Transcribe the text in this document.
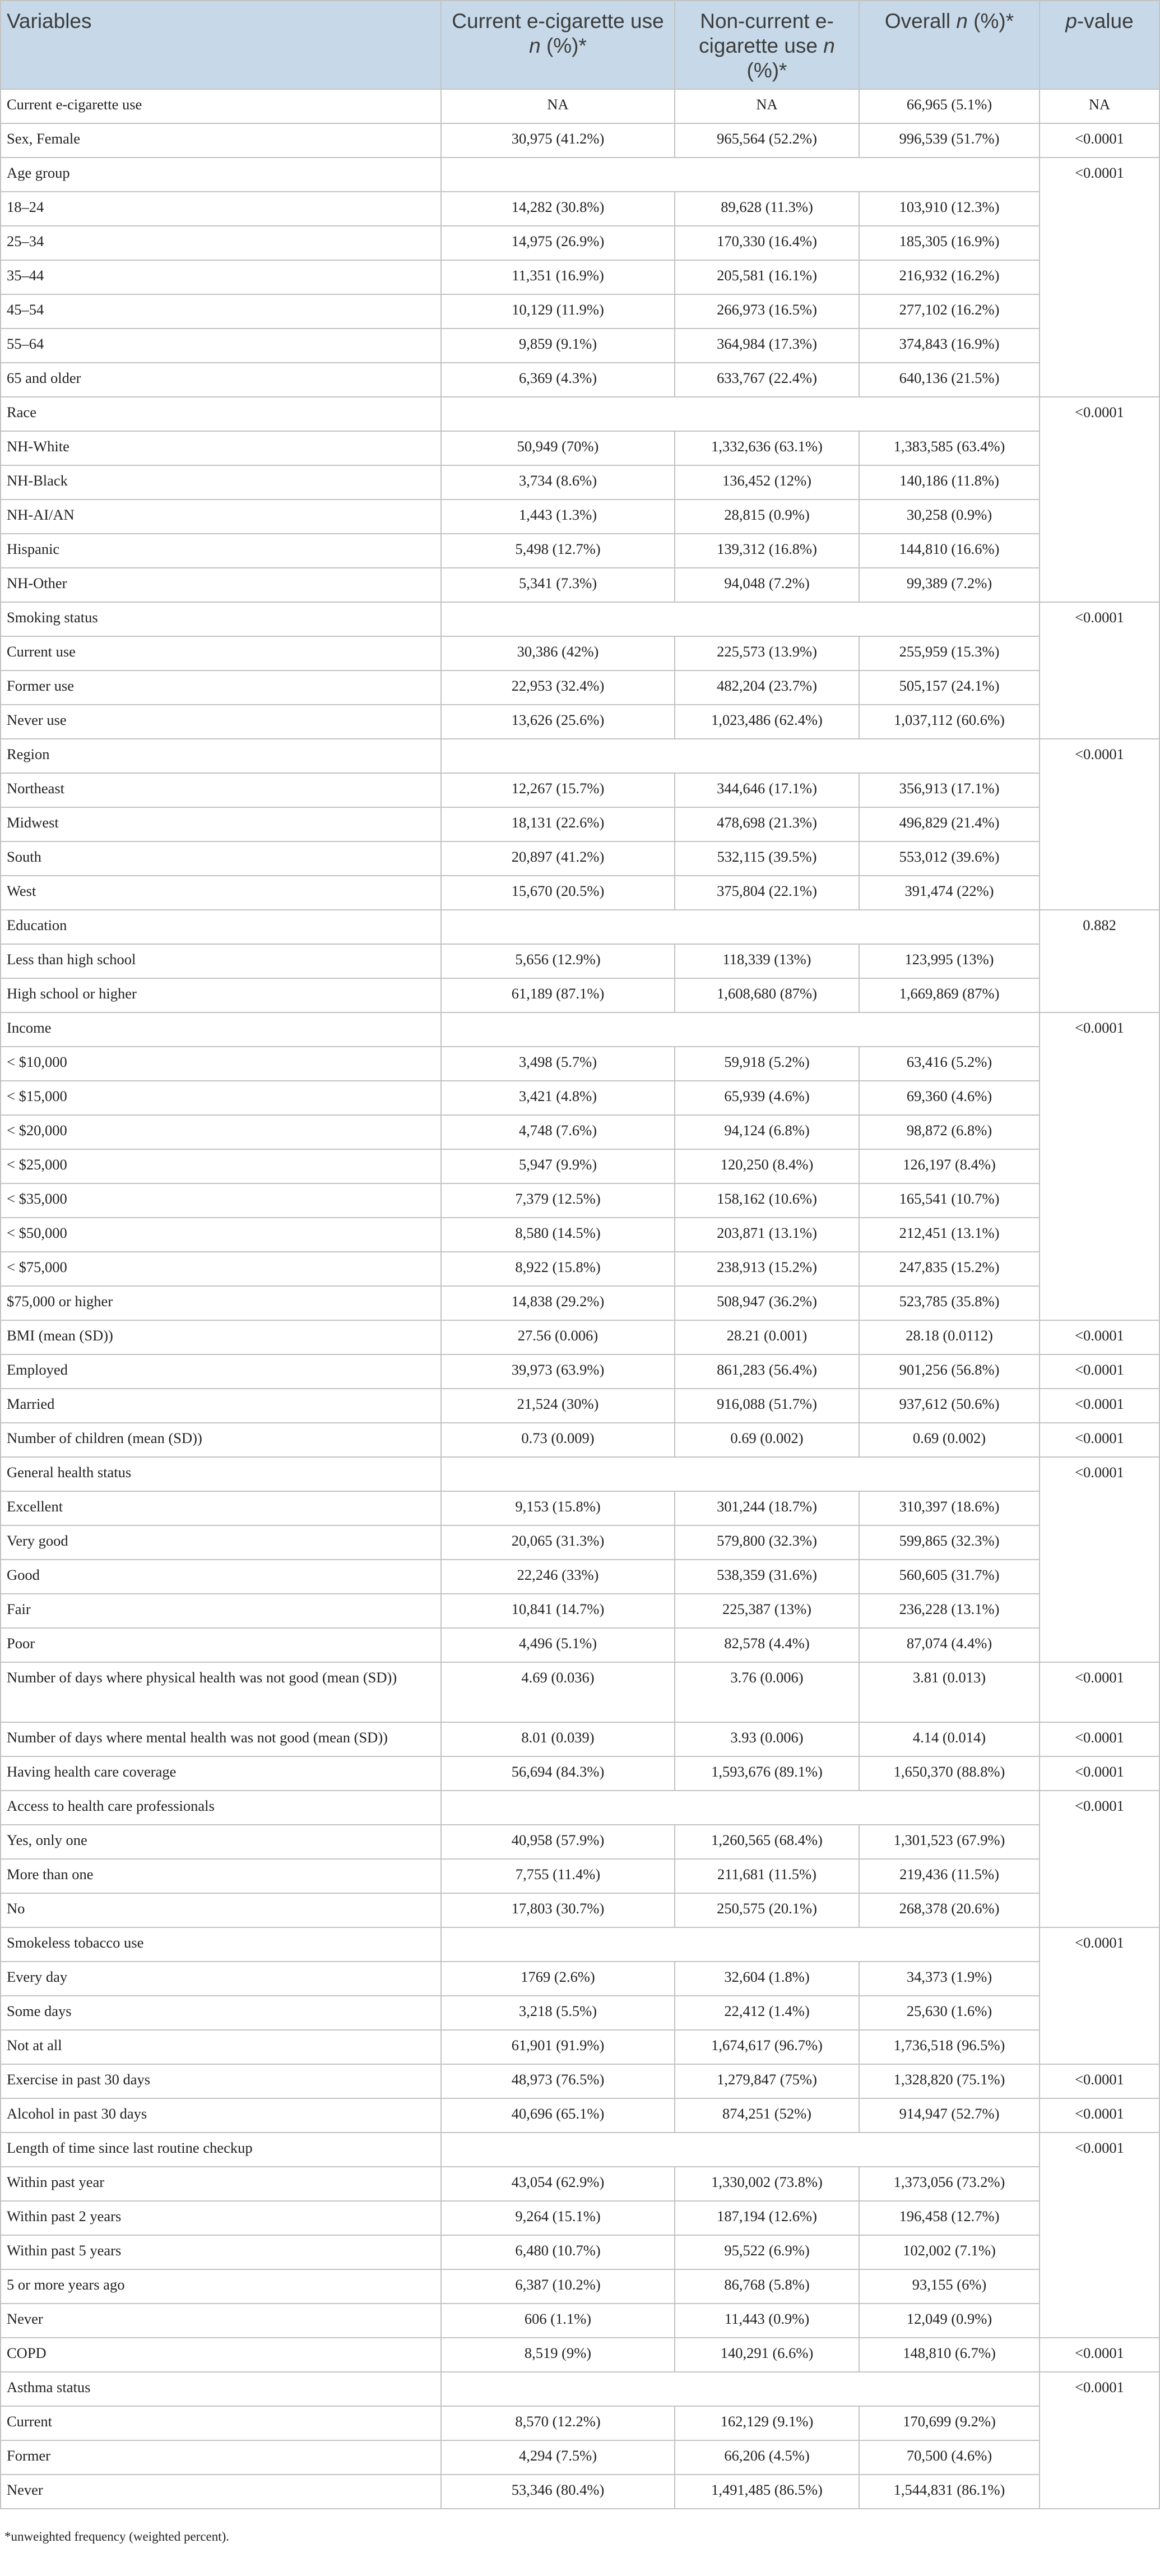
Variables	Current e-cigarette use n (%)*	Non-current e-cigarette use n (%)*	Overall n (%)*	p-value
Current e-cigarette use	NA	NA	66,965 (5.1%)	NA
Sex, Female	30,975 (41.2%)	965,564 (52.2%)	996,539 (51.7%)	<0.0001
Age group				<0.0001
18–24	14,282 (30.8%)	89,628 (11.3%)	103,910 (12.3%)	
25–34	14,975 (26.9%)	170,330 (16.4%)	185,305 (16.9%)	
35–44	11,351 (16.9%)	205,581 (16.1%)	216,932 (16.2%)	
45–54	10,129 (11.9%)	266,973 (16.5%)	277,102 (16.2%)	
55–64	9,859 (9.1%)	364,984 (17.3%)	374,843 (16.9%)	
65 and older	6,369 (4.3%)	633,767 (22.4%)	640,136 (21.5%)	
Race				<0.0001
NH-White	50,949 (70%)	1,332,636 (63.1%)	1,383,585 (63.4%)	
NH-Black	3,734 (8.6%)	136,452 (12%)	140,186 (11.8%)	
NH-AI/AN	1,443 (1.3%)	28,815 (0.9%)	30,258 (0.9%)	
Hispanic	5,498 (12.7%)	139,312 (16.8%)	144,810 (16.6%)	
NH-Other	5,341 (7.3%)	94,048 (7.2%)	99,389 (7.2%)	
Smoking status				<0.0001
Current use	30,386 (42%)	225,573 (13.9%)	255,959 (15.3%)	
Former use	22,953 (32.4%)	482,204 (23.7%)	505,157 (24.1%)	
Never use	13,626 (25.6%)	1,023,486 (62.4%)	1,037,112 (60.6%)	
Region				<0.0001
Northeast	12,267 (15.7%)	344,646 (17.1%)	356,913 (17.1%)	
Midwest	18,131 (22.6%)	478,698 (21.3%)	496,829 (21.4%)	
South	20,897 (41.2%)	532,115 (39.5%)	553,012 (39.6%)	
West	15,670 (20.5%)	375,804 (22.1%)	391,474 (22%)	
Education				0.882
Less than high school	5,656 (12.9%)	118,339 (13%)	123,995 (13%)	
High school or higher	61,189 (87.1%)	1,608,680 (87%)	1,669,869 (87%)	
Income				<0.0001
< $10,000	3,498 (5.7%)	59,918 (5.2%)	63,416 (5.2%)	
< $15,000	3,421 (4.8%)	65,939 (4.6%)	69,360 (4.6%)	
< $20,000	4,748 (7.6%)	94,124 (6.8%)	98,872 (6.8%)	
< $25,000	5,947 (9.9%)	120,250 (8.4%)	126,197 (8.4%)	
< $35,000	7,379 (12.5%)	158,162 (10.6%)	165,541 (10.7%)	
< $50,000	8,580 (14.5%)	203,871 (13.1%)	212,451 (13.1%)	
< $75,000	8,922 (15.8%)	238,913 (15.2%)	247,835 (15.2%)	
$75,000 or higher	14,838 (29.2%)	508,947 (36.2%)	523,785 (35.8%)	
BMI (mean (SD))	27.56 (0.006)	28.21 (0.001)	28.18 (0.0112)	<0.0001
Employed	39,973 (63.9%)	861,283 (56.4%)	901,256 (56.8%)	<0.0001
Married	21,524 (30%)	916,088 (51.7%)	937,612 (50.6%)	<0.0001
Number of children (mean (SD))	0.73 (0.009)	0.69 (0.002)	0.69 (0.002)	<0.0001
General health status				<0.0001
Excellent	9,153 (15.8%)	301,244 (18.7%)	310,397 (18.6%)	
Very good	20,065 (31.3%)	579,800 (32.3%)	599,865 (32.3%)	
Good	22,246 (33%)	538,359 (31.6%)	560,605 (31.7%)	
Fair	10,841 (14.7%)	225,387 (13%)	236,228 (13.1%)	
Poor	4,496 (5.1%)	82,578 (4.4%)	87,074 (4.4%)	
Number of days where physical health was not good (mean (SD))	4.69 (0.036)	3.76 (0.006)	3.81 (0.013)	<0.0001
Number of days where mental health was not good (mean (SD))	8.01 (0.039)	3.93 (0.006)	4.14 (0.014)	<0.0001
Having health care coverage	56,694 (84.3%)	1,593,676 (89.1%)	1,650,370 (88.8%)	<0.0001
Access to health care professionals				<0.0001
Yes, only one	40,958 (57.9%)	1,260,565 (68.4%)	1,301,523 (67.9%)	
More than one	7,755 (11.4%)	211,681 (11.5%)	219,436 (11.5%)	
No	17,803 (30.7%)	250,575 (20.1%)	268,378 (20.6%)	
Smokeless tobacco use				<0.0001
Every day	1769 (2.6%)	32,604 (1.8%)	34,373 (1.9%)	
Some days	3,218 (5.5%)	22,412 (1.4%)	25,630 (1.6%)	
Not at all	61,901 (91.9%)	1,674,617 (96.7%)	1,736,518 (96.5%)	
Exercise in past 30 days	48,973 (76.5%)	1,279,847 (75%)	1,328,820 (75.1%)	<0.0001
Alcohol in past 30 days	40,696 (65.1%)	874,251 (52%)	914,947 (52.7%)	<0.0001
Length of time since last routine checkup				<0.0001
Within past year	43,054 (62.9%)	1,330,002 (73.8%)	1,373,056 (73.2%)	
Within past 2 years	9,264 (15.1%)	187,194 (12.6%)	196,458 (12.7%)	
Within past 5 years	6,480 (10.7%)	95,522 (6.9%)	102,002 (7.1%)	
5 or more years ago	6,387 (10.2%)	86,768 (5.8%)	93,155 (6%)	
Never	606 (1.1%)	11,443 (0.9%)	12,049 (0.9%)	
COPD	8,519 (9%)	140,291 (6.6%)	148,810 (6.7%)	<0.0001
Asthma status				<0.0001
Current	8,570 (12.2%)	162,129 (9.1%)	170,699 (9.2%)	
Former	4,294 (7.5%)	66,206 (4.5%)	70,500 (4.6%)	
Never	53,346 (80.4%)	1,491,485 (86.5%)	1,544,831 (86.1%)	
*unweighted frequency (weighted percent).
